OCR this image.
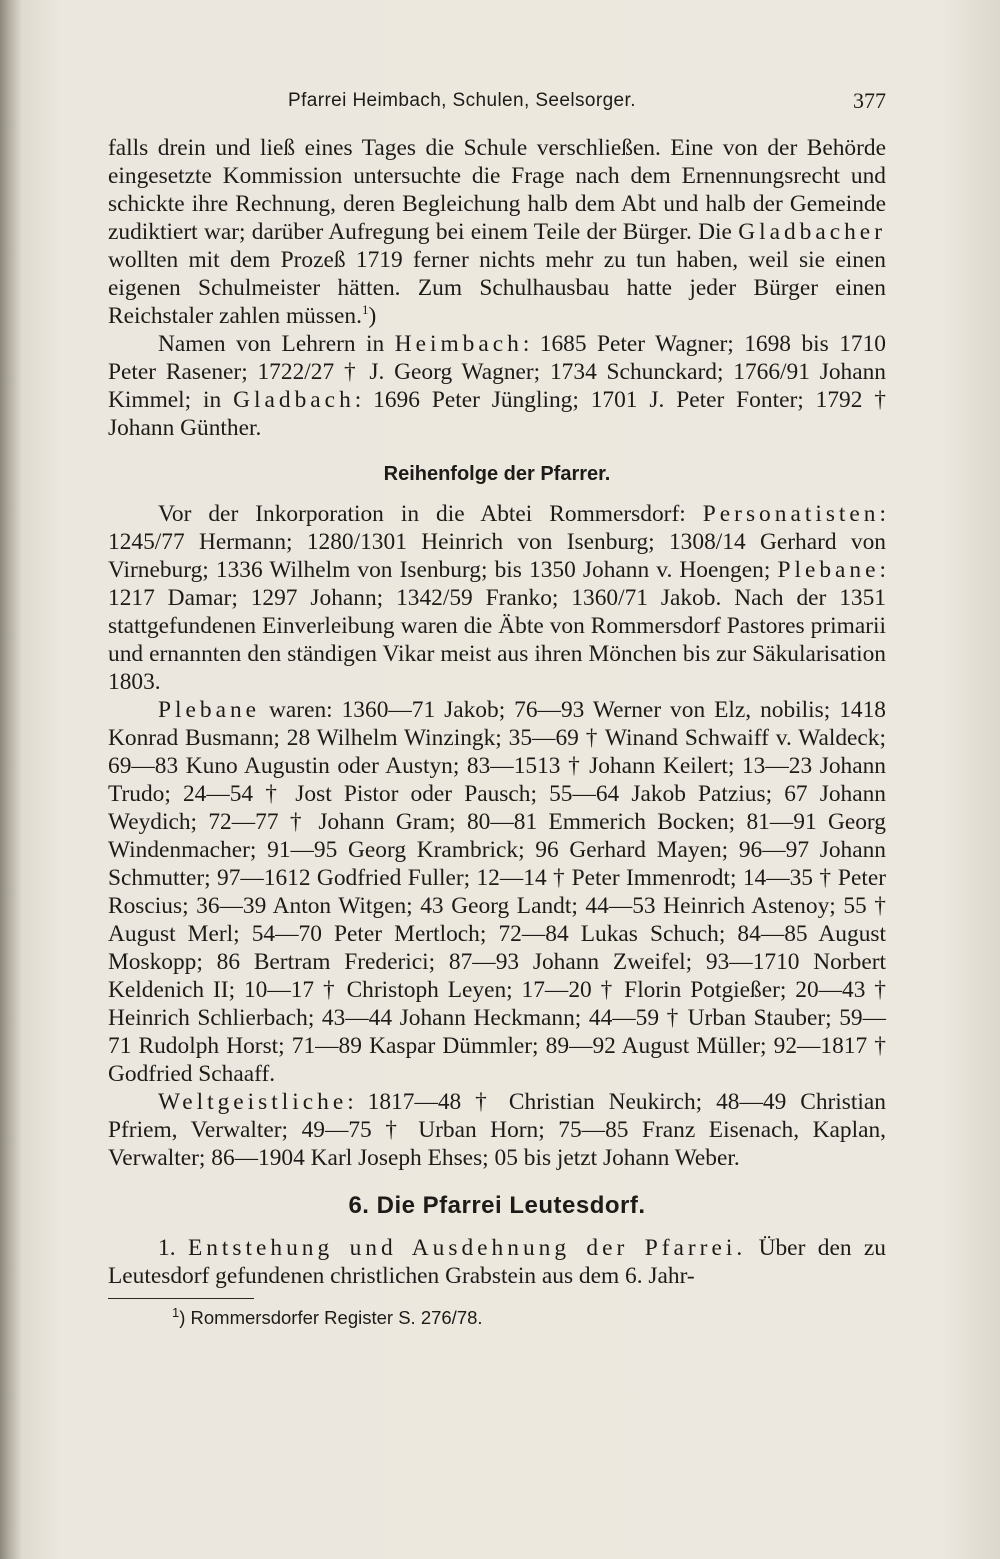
Pfarrei Heimbach, Schulen, Seelsorger.	377

falls drein und ließ eines Tages die Schule verschließen. Eine von der Behörde eingesetzte Kommission untersuchte die Frage nach dem Ernennungsrecht und schickte ihre Rechnung, deren Begleichung halb dem Abt und halb der Gemeinde zudiktiert war; darüber Aufregung bei einem Teile der Bürger. Die Gladbacher wollten mit dem Prozeß 1719 ferner nichts mehr zu tun haben, weil sie einen eigenen Schulmeister hätten. Zum Schulhausbau hatte jeder Bürger einen Reichstaler zahlen müssen.$^1$)

Namen von Lehrern in Heimbach: 1685 Peter Wagner; 1698 bis 1710 Peter Rasener; 1722/27 † J. Georg Wagner; 1734 Schunckard; 1766/91 Johann Kimmel; in Gladbach: 1696 Peter Jüngling; 1701 J. Peter Fonter; 1792 † Johann Günther.

Reihenfolge der Pfarrer.

Vor der Inkorporation in die Abtei Rommersdorf: Personatisten: 1245/77 Hermann; 1280/1301 Heinrich von Isenburg; 1308/14 Gerhard von Virneburg; 1336 Wilhelm von Isenburg; bis 1350 Johann v. Hoengen; Plebane: 1217 Damar; 1297 Johann; 1342/59 Franko; 1360/71 Jakob. Nach der 1351 stattgefundenen Einverleibung waren die Äbte von Rommersdorf Pastores primarii und ernannten den ständigen Vikar meist aus ihren Mönchen bis zur Säkularisation 1803.

Plebane waren: 1360—71 Jakob; 76—93 Werner von Elz, nobilis; 1418 Konrad Busmann; 28 Wilhelm Winzingk; 35—69 † Winand Schwaiff v. Waldeck; 69—83 Kuno Augustin oder Austyn; 83—1513 † Johann Keilert; 13—23 Johann Trudo; 24—54 † Jost Pistor oder Pausch; 55—64 Jakob Patzius; 67 Johann Weydich; 72—77 † Johann Gram; 80—81 Emmerich Bocken; 81—91 Georg Windenmacher; 91—95 Georg Krambrick; 96 Gerhard Mayen; 96—97 Johann Schmutter; 97—1612 Godfried Fuller; 12—14 † Peter Immenrodt; 14—35 † Peter Roscius; 36—39 Anton Witgen; 43 Georg Landt; 44—53 Heinrich Astenoy; 55 † August Merl; 54—70 Peter Mertloch; 72—84 Lukas Schuch; 84—85 August Moskopp; 86 Bertram Frederici; 87—93 Johann Zweifel; 93—1710 Norbert Keldenich II; 10—17 † Christoph Leyen; 17—20 † Florin Potgießer; 20—43 † Heinrich Schlierbach; 43—44 Johann Heckmann; 44—59 † Urban Stauber; 59—71 Rudolph Horst; 71—89 Kaspar Dümmler; 89—92 August Müller; 92—1817 † Godfried Schaaff.

Weltgeistliche: 1817—48 † Christian Neukirch; 48—49 Christian Pfriem, Verwalter; 49—75 † Urban Horn; 75—85 Franz Eisenach, Kaplan, Verwalter; 86—1904 Karl Joseph Ehses; 05 bis jetzt Johann Weber.

6. Die Pfarrei Leutesdorf.

1. Entstehung und Ausdehnung der Pfarrei. Über den zu Leutesdorf gefundenen christlichen Grabstein aus dem 6. Jahr-

$^1$) Rommersdorfer Register S. 276/78.
